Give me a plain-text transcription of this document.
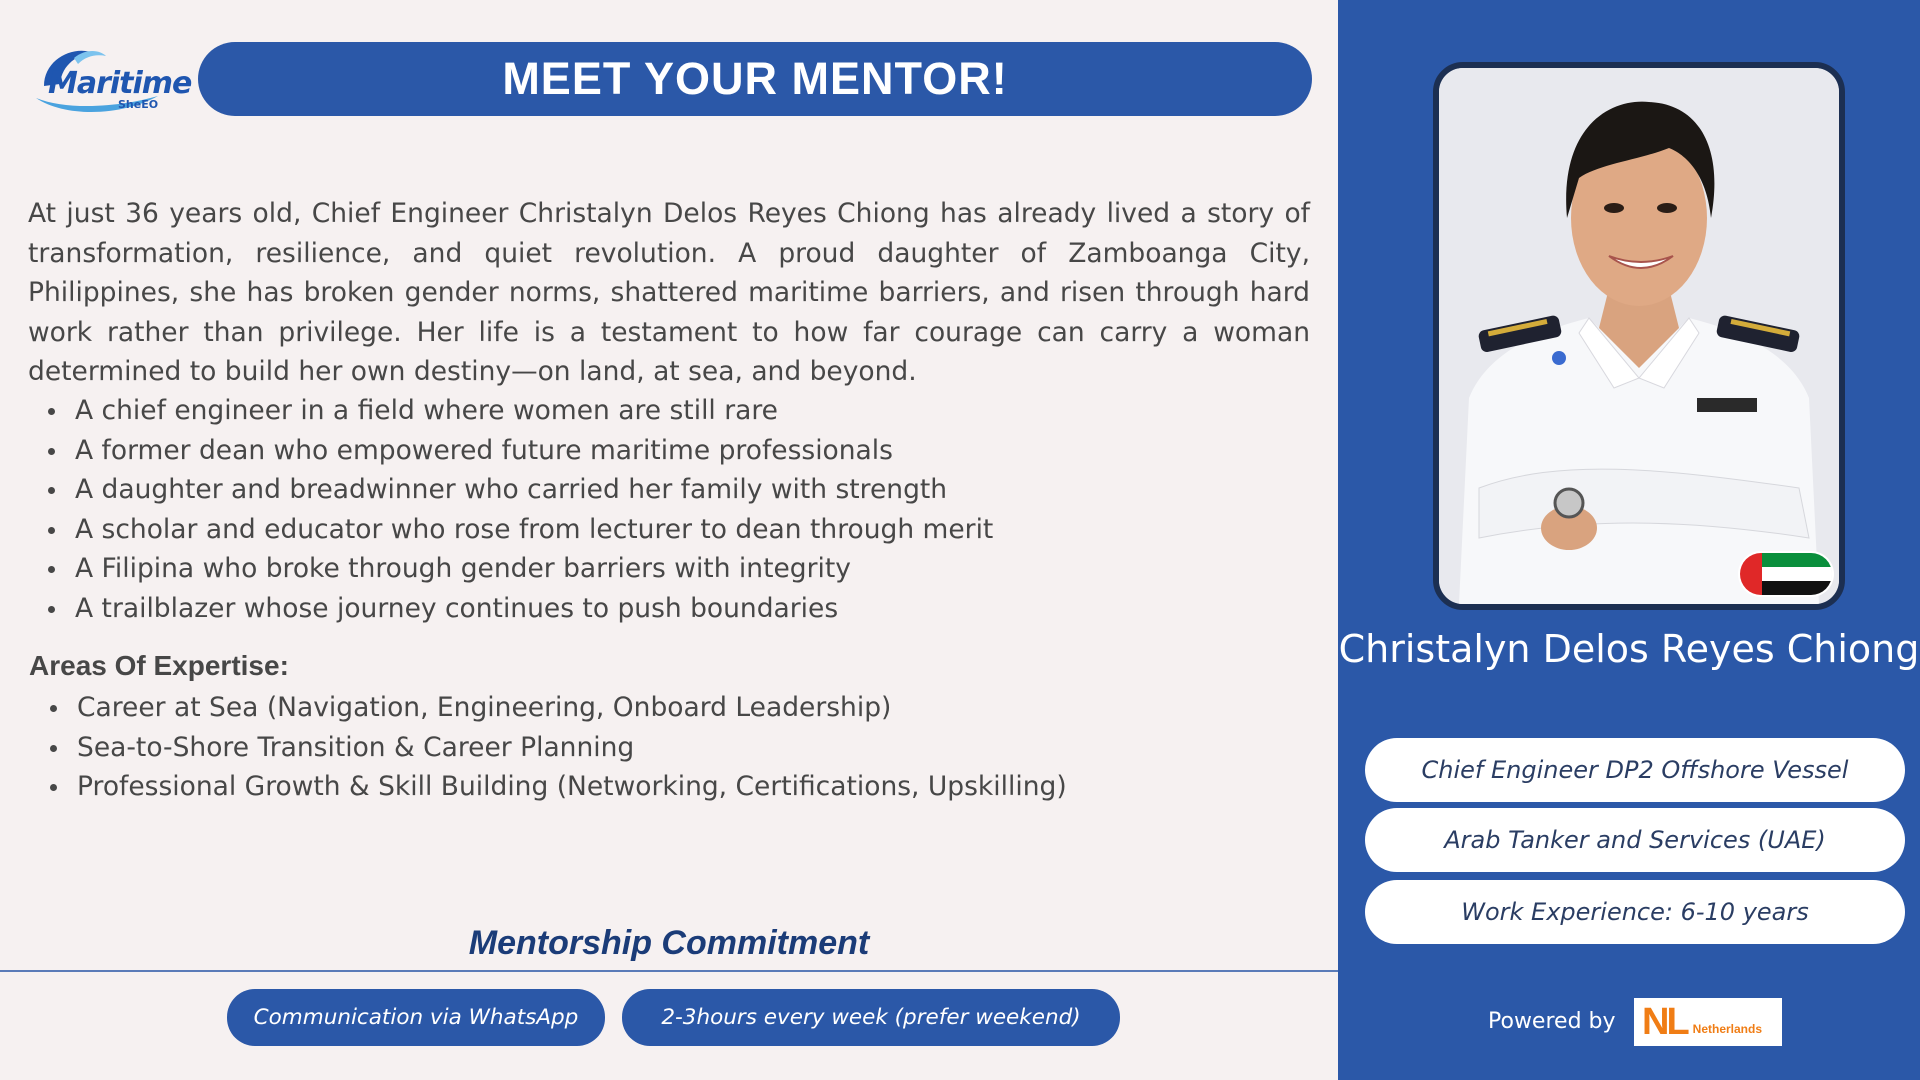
Maritime
SheEO
MEET YOUR MENTOR!

At just 36 years old, Chief Engineer Christalyn Delos Reyes Chiong has already lived a story of transformation, resilience, and quiet revolution. A proud daughter of Zamboanga City, Philippines, she has broken gender norms, shattered maritime barriers, and risen through hard work rather than privilege. Her life is a testament to how far courage can carry a woman determined to build her own destiny—on land, at sea, and beyond.

A chief engineer in a field where women are still rare
A former dean who empowered future maritime professionals
A daughter and breadwinner who carried her family with strength
A scholar and educator who rose from lecturer to dean through merit
A Filipina who broke through gender barriers with integrity
A trailblazer whose journey continues to push boundaries
Areas Of Expertise:
Career at Sea (Navigation, Engineering, Onboard Leadership)
Sea-to-Shore Transition & Career Planning
Professional Growth & Skill Building (Networking, Certifications, Upskilling)
Mentorship Commitment
Communication via WhatsApp	2-3hours every week (prefer weekend)
Christalyn Delos Reyes Chiong
Chief Engineer DP2 Offshore Vessel
Arab Tanker and Services (UAE)
Work Experience: 6-10 years
Powered by NL Netherlands
